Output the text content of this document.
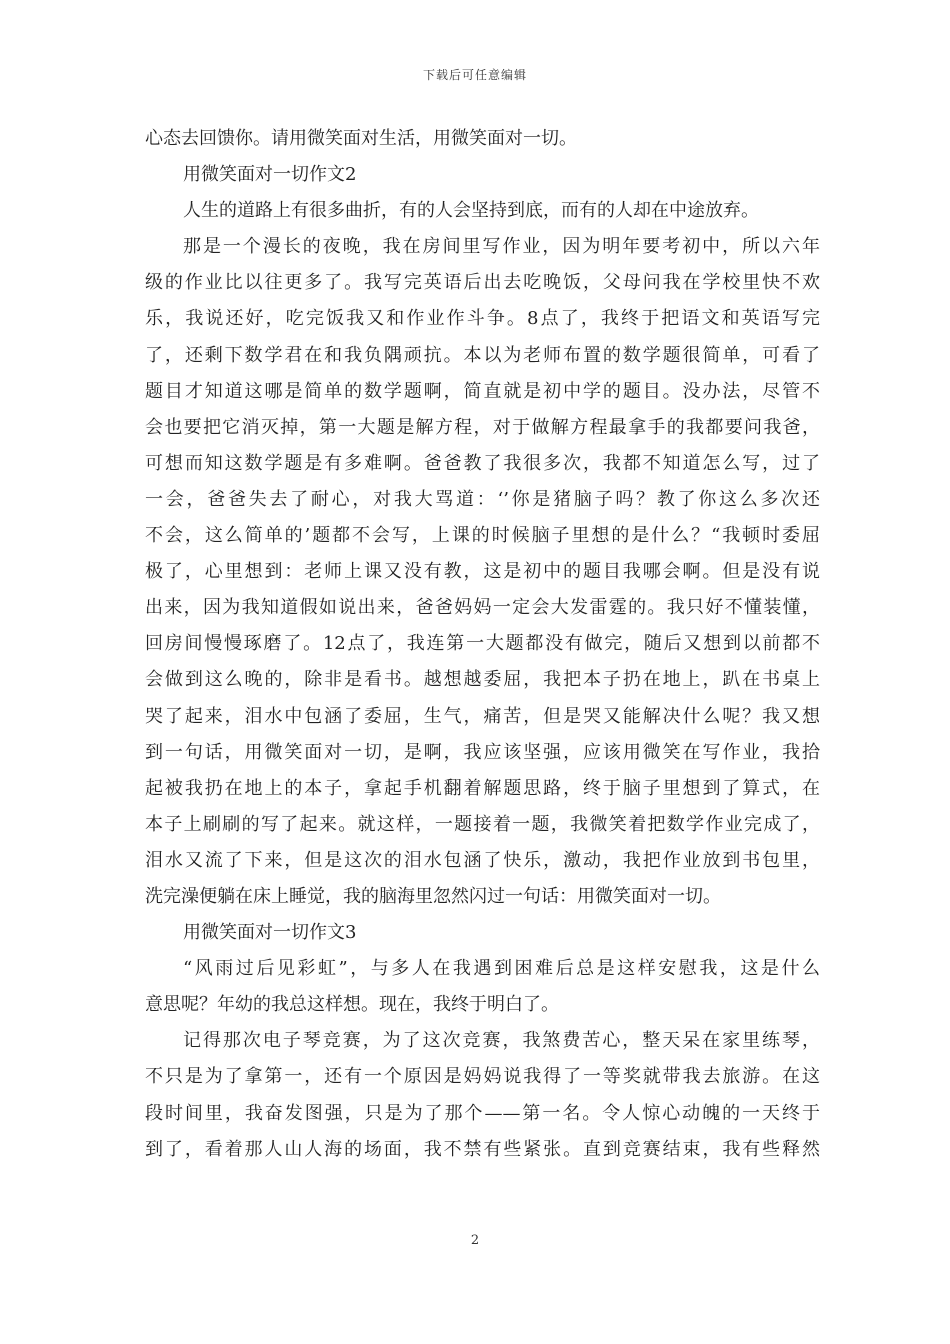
下载后可任意编辑
心态去回馈你。请用微笑面对生活，用微笑面对一切。
用微笑面对一切作文2
人生的道路上有很多曲折，有的人会坚持到底，而有的人却在中途放弃。
那是一个漫长的夜晚，我在房间里写作业，因为明年要考初中，所以六年
级的作业比以往更多了。我写完英语后出去吃晚饭，父母问我在学校里快不欢
乐，我说还好，吃完饭我又和作业作斗争。8点了，我终于把语文和英语写完
了，还剩下数学君在和我负隅顽抗。本以为老师布置的数学题很简单，可看了
题目才知道这哪是简单的数学题啊，简直就是初中学的题目。没办法，尽管不
会也要把它消灭掉，第一大题是解方程，对于做解方程最拿手的我都要问我爸，
可想而知这数学题是有多难啊。爸爸教了我很多次，我都不知道怎么写，过了
一会，爸爸失去了耐心，对我大骂道：‘’你是猪脑子吗？教了你这么多次还
不会，这么简单的’题都不会写，上课的时候脑子里想的是什么？“我顿时委屈
极了，心里想到：老师上课又没有教，这是初中的题目我哪会啊。但是没有说
出来，因为我知道假如说出来，爸爸妈妈一定会大发雷霆的。我只好不懂装懂，
回房间慢慢琢磨了。12点了，我连第一大题都没有做完，随后又想到以前都不
会做到这么晚的，除非是看书。越想越委屈，我把本子扔在地上，趴在书桌上
哭了起来，泪水中包涵了委屈，生气，痛苦，但是哭又能解决什么呢？我又想
到一句话，用微笑面对一切，是啊，我应该坚强，应该用微笑在写作业，我拾
起被我扔在地上的本子，拿起手机翻着解题思路，终于脑子里想到了算式，在
本子上刷刷的写了起来。就这样，一题接着一题，我微笑着把数学作业完成了，
泪水又流了下来，但是这次的泪水包涵了快乐，激动，我把作业放到书包里，
洗完澡便躺在床上睡觉，我的脑海里忽然闪过一句话：用微笑面对一切。
用微笑面对一切作文3
“风雨过后见彩虹”，与多人在我遇到困难后总是这样安慰我，这是什么
意思呢？年幼的我总这样想。现在，我终于明白了。
记得那次电子琴竞赛，为了这次竞赛，我煞费苦心，整天呆在家里练琴，
不只是为了拿第一，还有一个原因是妈妈说我得了一等奖就带我去旅游。在这
段时间里，我奋发图强，只是为了那个——第一名。令人惊心动魄的一天终于
到了，看着那人山人海的场面，我不禁有些紧张。直到竞赛结束，我有些释然
2
